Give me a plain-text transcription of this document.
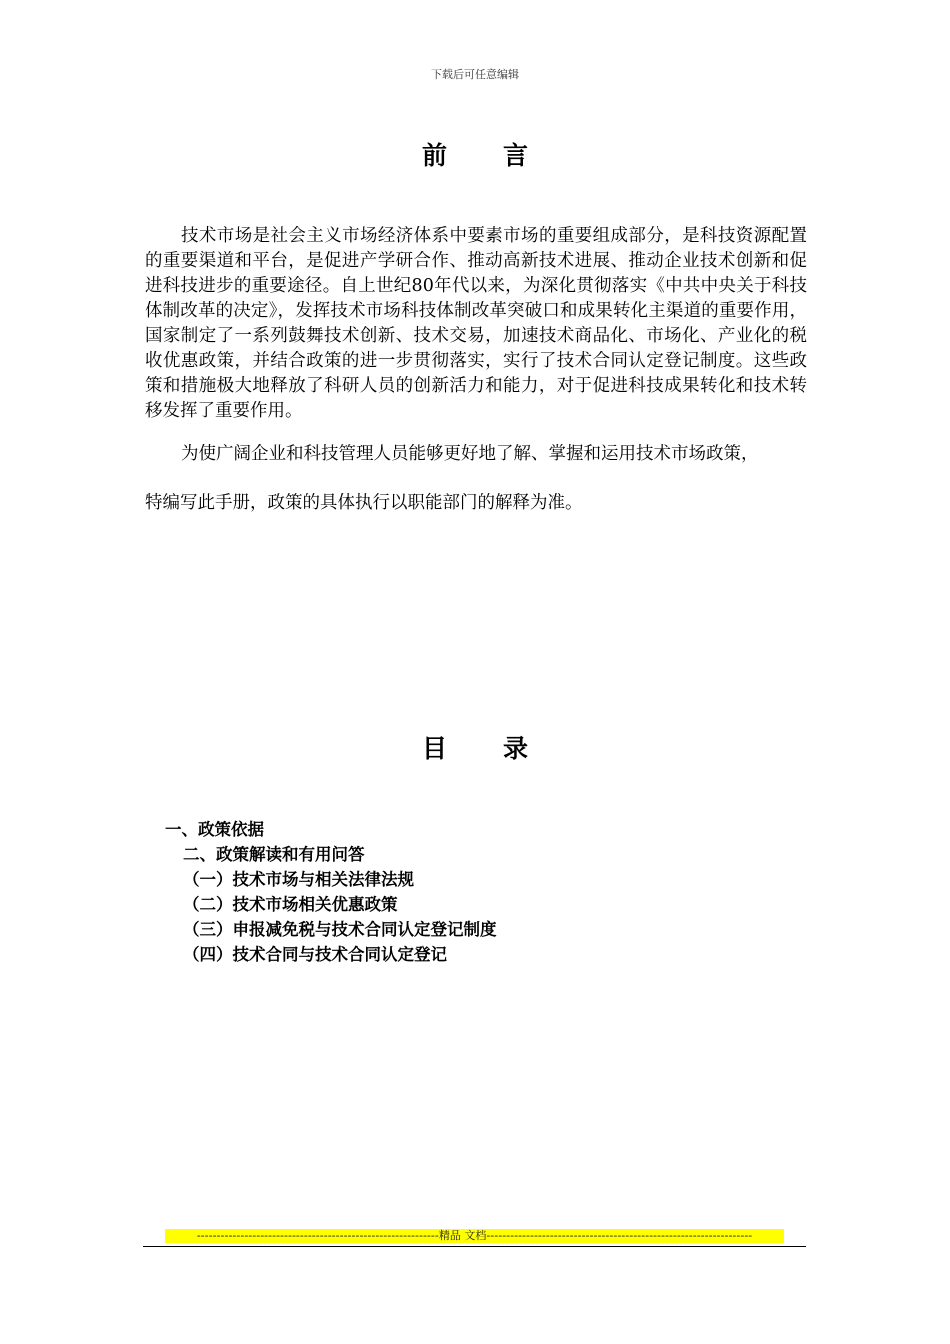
下载后可任意编辑
前 言

技术市场是社会主义市场经济体系中要素市场的重要组成部分，是科技资源配置的重要渠道和平台，是促进产学研合作、推动高新技术进展、推动企业技术创新和促进科技进步的重要途径。自上世纪80年代以来，为深化贯彻落实《中共中央关于科技体制改革的决定》，发挥技术市场科技体制改革突破口和成果转化主渠道的重要作用，国家制定了一系列鼓舞技术创新、技术交易，加速技术商品化、市场化、产业化的税收优惠政策，并结合政策的进一步贯彻落实，实行了技术合同认定登记制度。这些政策和措施极大地释放了科研人员的创新活力和能力，对于促进科技成果转化和技术转移发挥了重要作用。

为使广阔企业和科技管理人员能够更好地了解、掌握和运用技术市场政策，

特编写此手册，政策的具体执行以职能部门的解释为准。

目 录
一、政策依据
二、政策解读和有用问答
（一）技术市场与相关法律法规
（二）技术市场相关优惠政策
（三）申报减免税与技术合同认定登记制度
（四）技术合同与技术合同认定登记
-------------------------------------------------------------精品 文档-------------------------------------------------------------------
